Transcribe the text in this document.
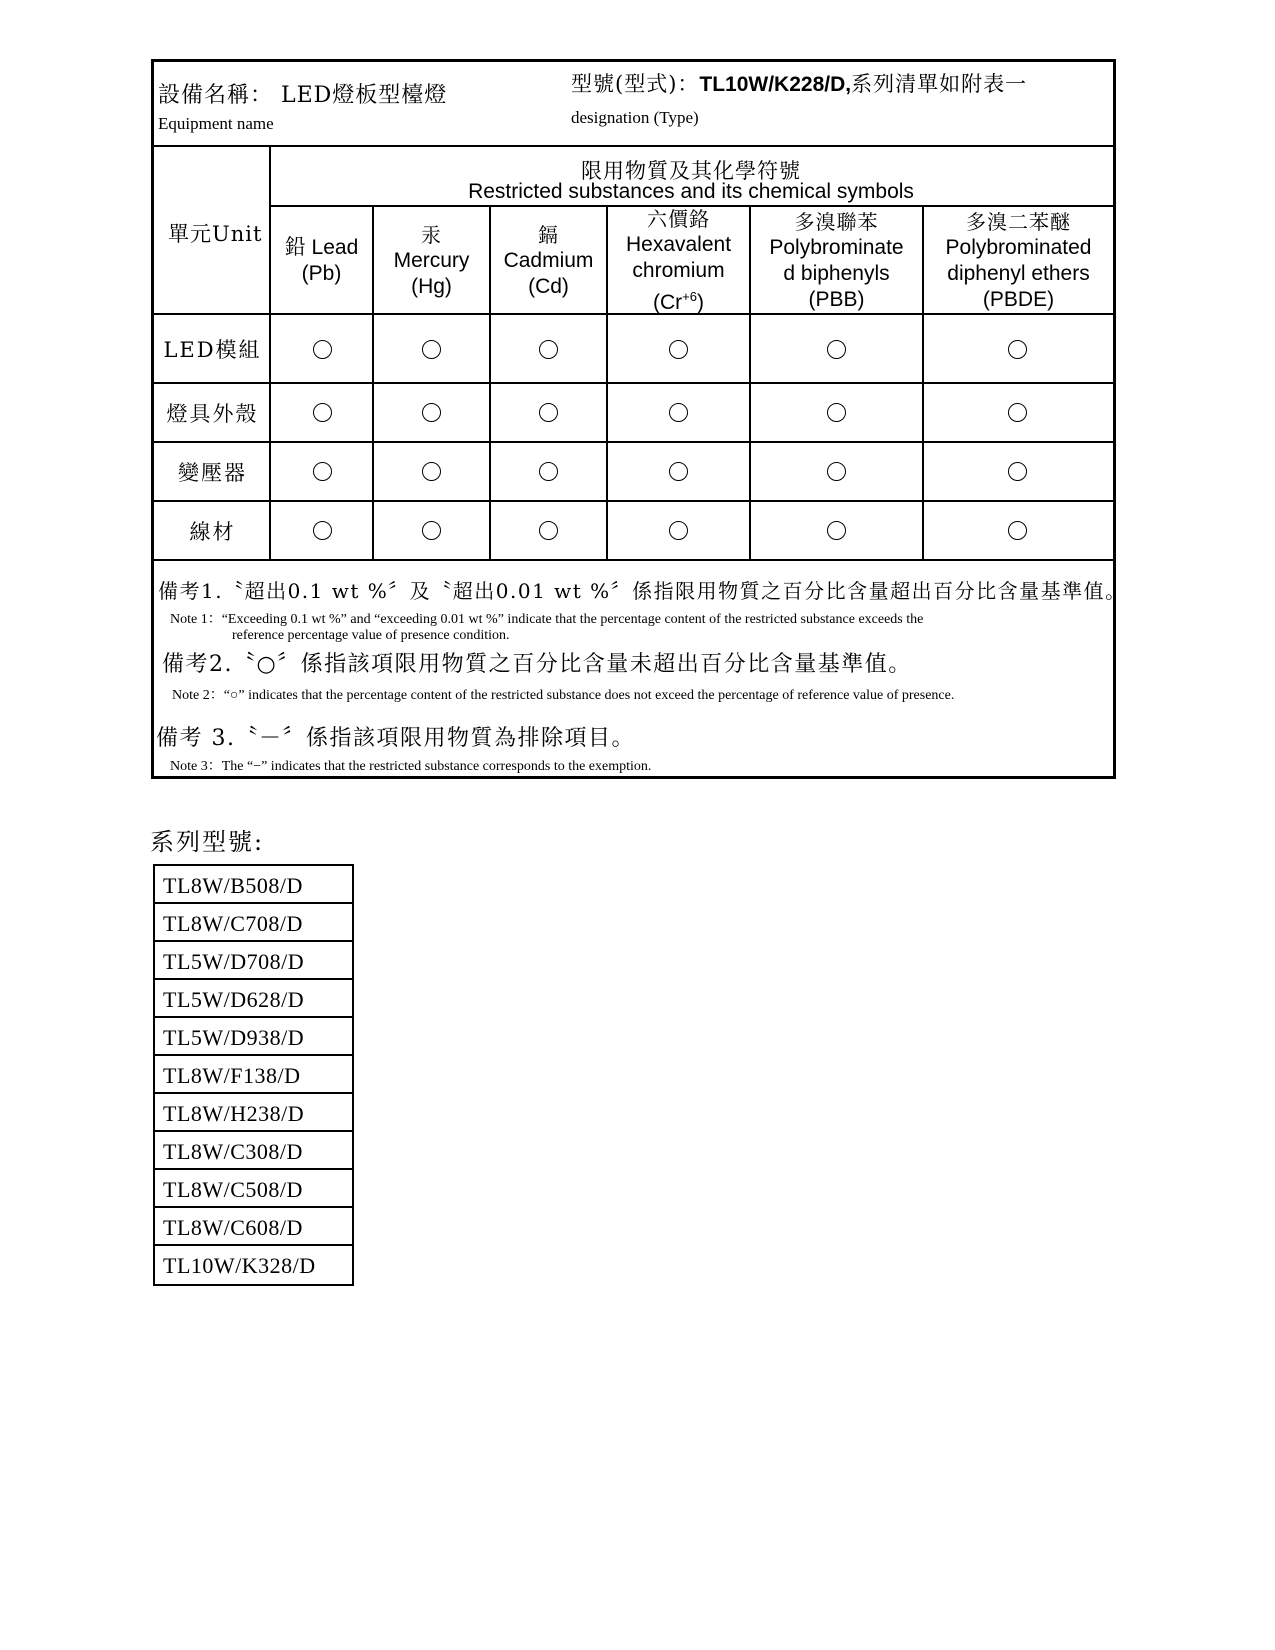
設備名稱： LED燈板型檯燈
Equipment name
型號(型式)：TL10W/K228/D,系列清單如附表一
designation (Type)
限用物質及其化學符號
Restricted substances and its chemical symbols
單元Unit
鉛 Lead
(Pb)
汞
Mercury
(Hg)
鎘
Cadmium
(Cd)
六價鉻
Hexavalent chromium
$(Cr^{+6})$
多溴聯苯
Polybrominate d biphenyls
(PBB)
多溴二苯醚
Polybrominated diphenyl ethers
(PBDE)
LED模組
燈具外殼
變壓器
線材
備考1.〝超出0.1 wt %〞及〝超出0.01 wt %〞係指限用物質之百分比含量超出百分比含量基準值。
Note 1：“Exceeding 0.1 wt %” and “exceeding 0.01 wt %” indicate that the percentage content of the restricted substance exceeds the
reference percentage value of presence condition.
備考2.〝○〞係指該項限用物質之百分比含量未超出百分比含量基準值。
Note 2：“○” indicates that the percentage content of the restricted substance does not exceed the percentage of reference value of presence.
備考 3.〝－〞係指該項限用物質為排除項目。
Note 3：The “−” indicates that the restricted substance corresponds to the exemption.
系列型號:
TL8W/B508/D
TL8W/C708/D
TL5W/D708/D
TL5W/D628/D
TL5W/D938/D
TL8W/F138/D
TL8W/H238/D
TL8W/C308/D
TL8W/C508/D
TL8W/C608/D
TL10W/K328/D
